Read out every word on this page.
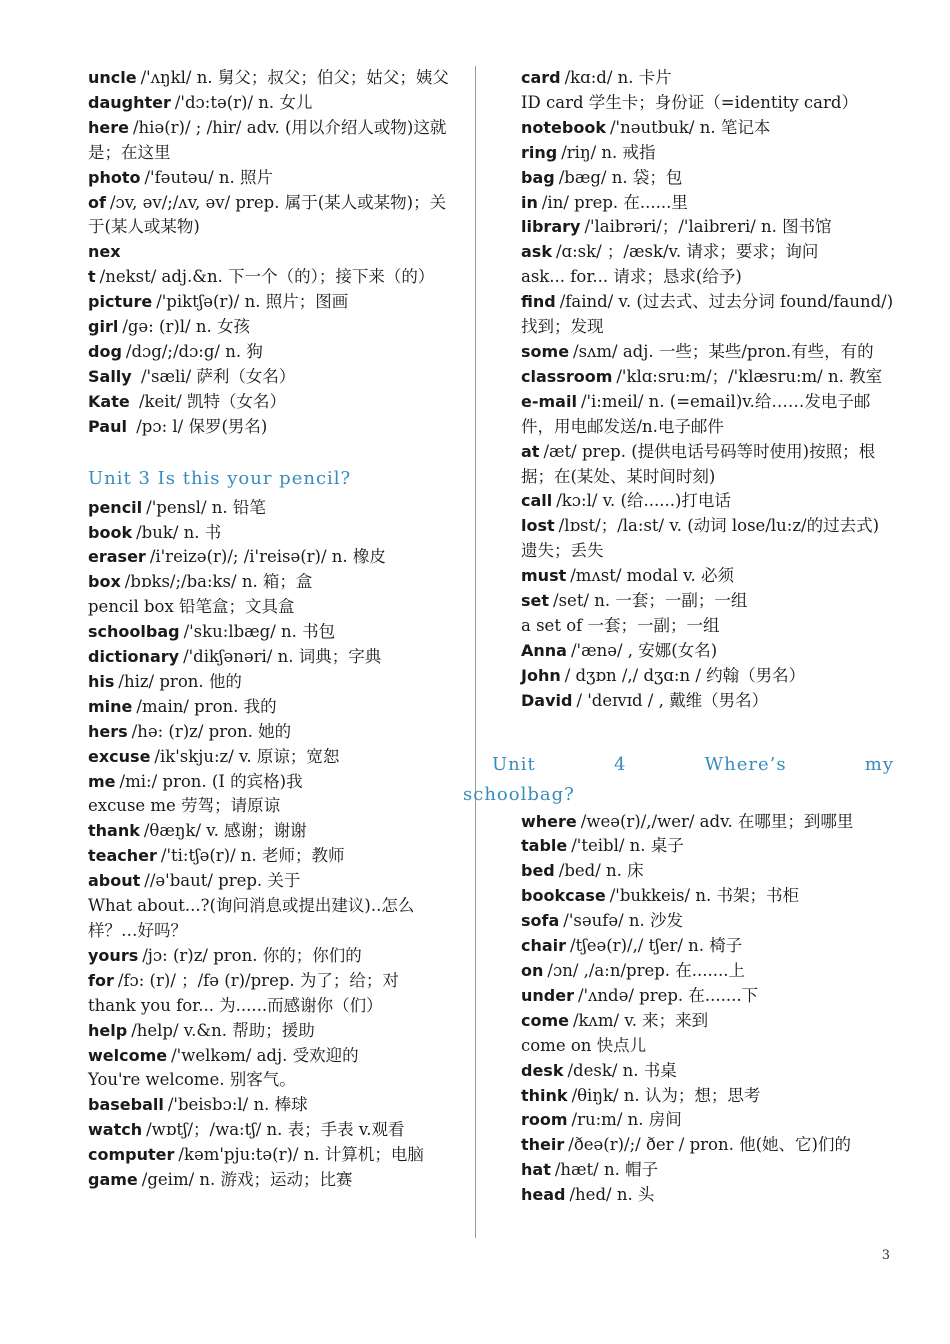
uncle /'ʌŋkl/ n. 舅父；叔父；伯父；姑父；姨父
daughter /'dɔ:tə(r)/ n. 女儿
here /hiə(r)/ ; /hir/ adv. (用以介绍人或物)这就是；在这里
photo /'fəutəu/ n. 照片
of /ɔv, əv/;/ʌv, əv/ prep. 属于(某人或某物)；关于(某人或某物)
next /nekst/ adj.&n. 下一个（的）；接下来（的）
picture /'piktʃə(r)/ n. 照片；图画
girl /gə: (r)l/ n. 女孩
dog /dɔg/;/dɔ:g/ n. 狗
Sally /'sæli/ 萨利（女名）
Kate /keit/ 凯特（女名）
Paul /pɔ: l/ 保罗(男名)
Unit 3 Is this your pencil?
pencil /'pensl/ n. 铅笔
book /buk/ n. 书
eraser /i'reizə(r)/; /i'reisə(r)/ n. 橡皮
box /bɒks/;/ba:ks/ n. 箱；盒
pencil box 铅笔盒；文具盒
schoolbag /'sku:lbæg/ n. 书包
dictionary /'dikʃənəri/ n. 词典；字典
his /hiz/ pron. 他的
mine /main/ pron. 我的
hers /hə: (r)z/ pron. 她的
excuse /ik'skju:z/ v. 原谅；宽恕
me /mi:/ pron. (I 的宾格)我
excuse me 劳驾；请原谅
thank /θæŋk/ v. 感谢；谢谢
teacher /'ti:tʃə(r)/ n. 老师；教师
about //ə'baut/ prep. 关于
What about...?(询问消息或提出建议)..怎么样？…好吗？
yours /jɔ: (r)z/ pron. 你的；你们的
for /fɔ: (r)/ ；/fə (r)/prep. 为了；给；对
thank you for... 为......而感谢你（们）
help /help/ v.&n. 帮助；援助
welcome /'welkəm/ adj. 受欢迎的
You're welcome. 别客气。
baseball /'beisbɔ:l/ n. 棒球
watch /wɒtʃ/；/wa:tʃ/ n. 表；手表 v.观看
computer /kəm'pju:tə(r)/ n. 计算机；电脑
game /geim/ n. 游戏；运动；比赛
card /kɑ:d/ n. 卡片
ID card 学生卡；身份证（=identity card）
notebook /'nəutbuk/ n. 笔记本
ring /riŋ/ n. 戒指
bag /bæg/ n. 袋；包
in /in/ prep. 在......里
library /'laibrəri/；/'laibreri/ n. 图书馆
ask /ɑ:sk/ ；/æsk/v. 请求；要求；询问
ask... for... 请求；恳求(给予)
find /faind/ v. (过去式、过去分词 found/faund/)找到；发现
some /sʌm/ adj. 一些；某些/pron.有些，有的
classroom /'klɑ:sru:m/；/'klæsru:m/ n. 教室
e-mail /'i:meil/ n. (=email)v.给……发电子邮件，用电邮发送/n.电子邮件
at /æt/ prep. (提供电话号码等时使用)按照；根据；在(某处、某时间时刻)
call /kɔ:l/ v. (给......)打电话
lost /lɒst/；/la:st/ v. (动词 lose/lu:z/的过去式)遗失；丢失
must /mʌst/ modal v. 必须
set /set/ n. 一套；一副；一组
a set of 一套；一副；一组
Anna /'ænə/ , 安娜(女名)
John / dʒɒn /,/ dʒɑ:n / 约翰（男名）
David / 'deɪvɪd / , 戴维（男名）
Unit	4	Where’s	my
schoolbag?
where /weə(r)/,/wer/ adv. 在哪里；到哪里
table /'teibl/ n. 桌子
bed /bed/ n. 床
bookcase /'bukkeis/ n. 书架；书柜
sofa /'səufə/ n. 沙发
chair /tʃeə(r)/,/ tʃer/ n. 椅子
on /ɔn/ ,/a:n/prep. 在.......上
under /'ʌndə/ prep. 在.......下
come /kʌm/ v. 来；来到
come on 快点儿
desk /desk/ n. 书桌
think /θiŋk/ n. 认为；想；思考
room /ru:m/ n. 房间
their /ðeə(r)/;/ ðer / pron. 他(她、它)们的
hat /hæt/ n. 帽子
head /hed/ n. 头
3
